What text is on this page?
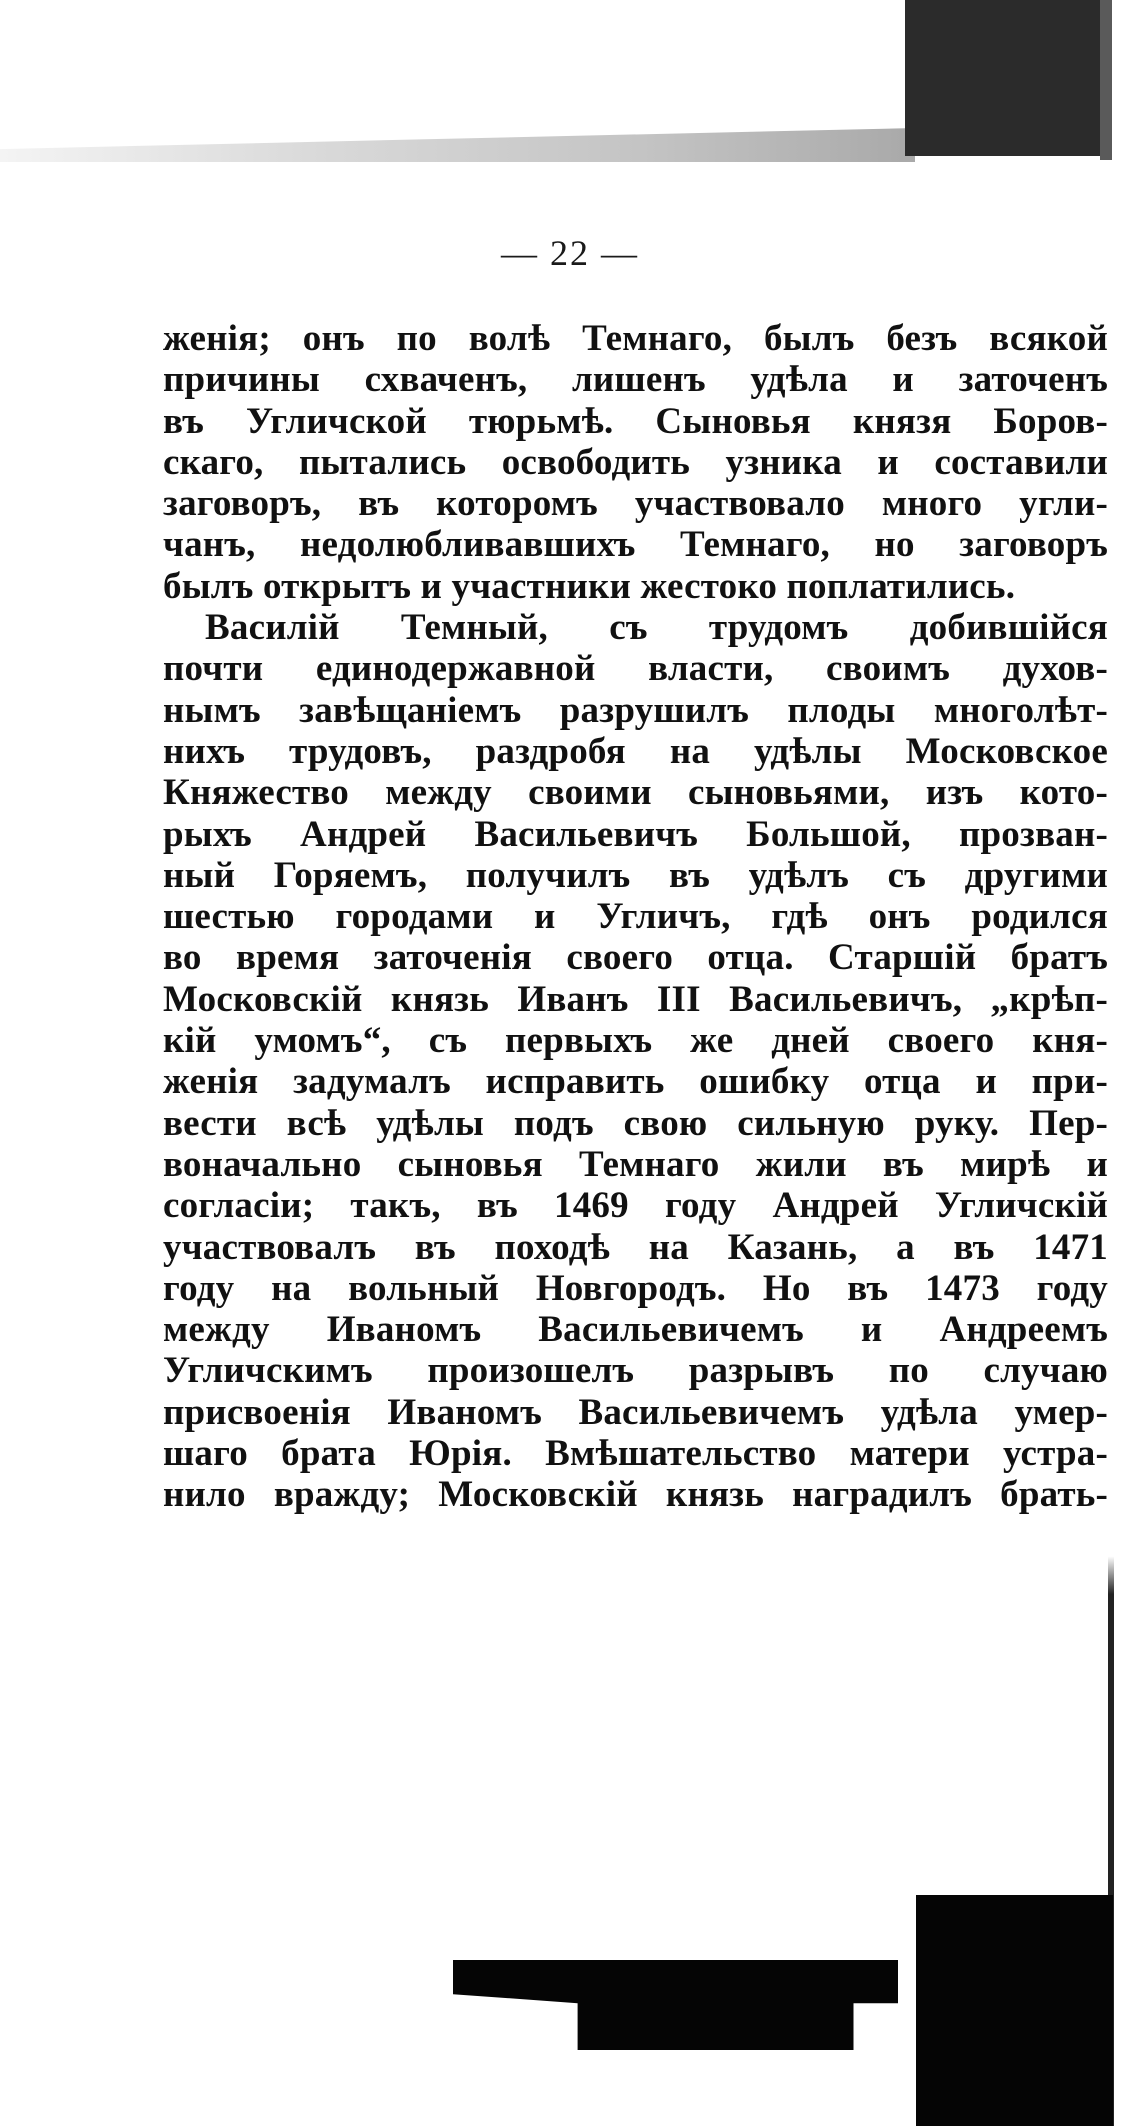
— 22 —
женія; онъ по волѣ Темнаго, былъ безъ всякой
причины схваченъ, лишенъ удѣла и заточенъ
въ Угличской тюрьмѣ. Сыновья князя Боров-
скаго, пытались освободить узника и составили
заговоръ, въ которомъ участвовало много угли-
чанъ, недолюбливавшихъ Темнаго, но заговоръ
былъ открытъ и участники жестоко поплатились.
Василій Темный, съ трудомъ добившійся
почти единодержавной власти, своимъ духов-
нымъ завѣщаніемъ разрушилъ плоды многолѣт-
нихъ трудовъ, раздробя на удѣлы Московское
Княжество между своими сыновьями, изъ кото-
рыхъ Андрей Васильевичъ Большой, прозван-
ный Горяемъ, получилъ въ удѣлъ съ другими
шестью городами и Угличъ, гдѣ онъ родился
во время заточенія своего отца. Старшій братъ
Московскій князь Иванъ III Васильевичъ, „крѣп-
кій умомъ“, съ первыхъ же дней своего кня-
женія задумалъ исправить ошибку отца и при-
вести всѣ удѣлы подъ свою сильную руку. Пер-
воначально сыновья Темнаго жили въ мирѣ и
согласіи; такъ, въ 1469 году Андрей Угличскій
участвовалъ въ походѣ на Казань, а въ 1471
году на вольный Новгородъ. Но въ 1473 году
между Иваномъ Васильевичемъ и Андреемъ
Угличскимъ произошелъ разрывъ по случаю
присвоенія Иваномъ Васильевичемъ удѣла умер-
шаго брата Юрія. Вмѣшательство матери устра-
нило вражду; Московскій князь наградилъ брать-
